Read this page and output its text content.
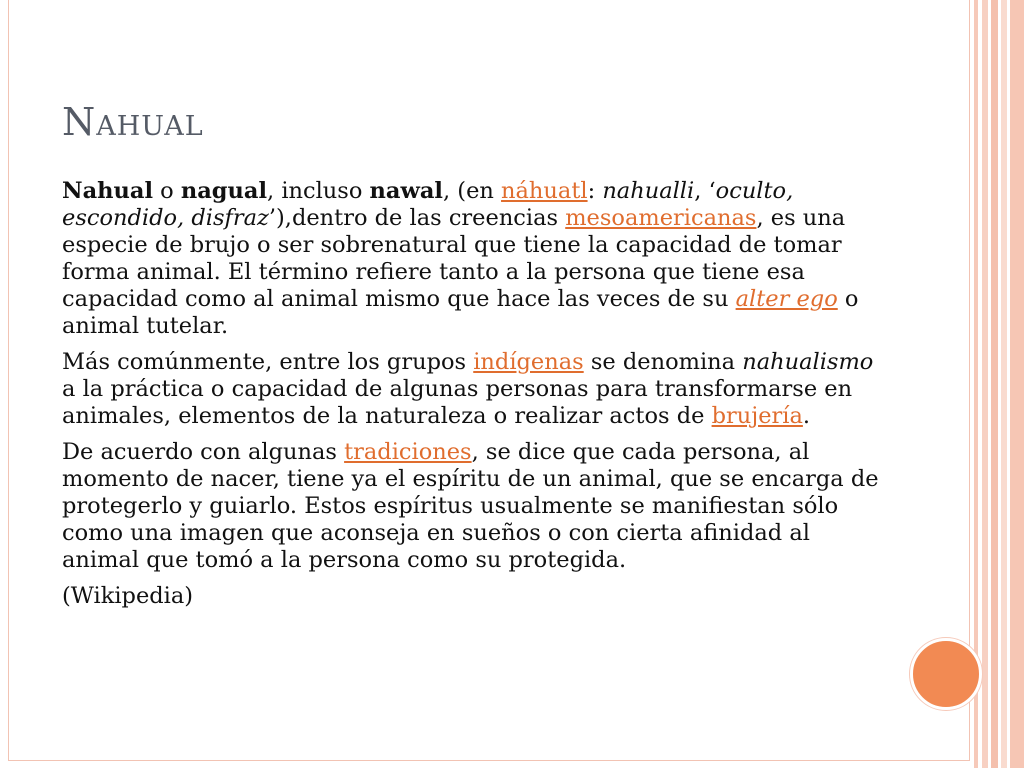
Nahual

Nahual o nagual, incluso nawal, (en náhuatl: nahualli, ‘oculto, escondido, disfraz’),dentro de las creencias mesoamericanas, es una especie de brujo o ser sobrenatural que tiene la capacidad de tomar forma animal. El término refiere tanto a la persona que tiene esa capacidad como al animal mismo que hace las veces de su alter ego o animal tutelar.

Más comúnmente, entre los grupos indígenas se denomina nahualismo a la práctica o capacidad de algunas personas para transformarse en animales, elementos de la naturaleza o realizar actos de brujería.

De acuerdo con algunas tradiciones, se dice que cada persona, al momento de nacer, tiene ya el espíritu de un animal, que se encarga de protegerlo y guiarlo. Estos espíritus usualmente se manifiestan sólo como una imagen que aconseja en sueños o con cierta afinidad al animal que tomó a la persona como su protegida.

(Wikipedia)
